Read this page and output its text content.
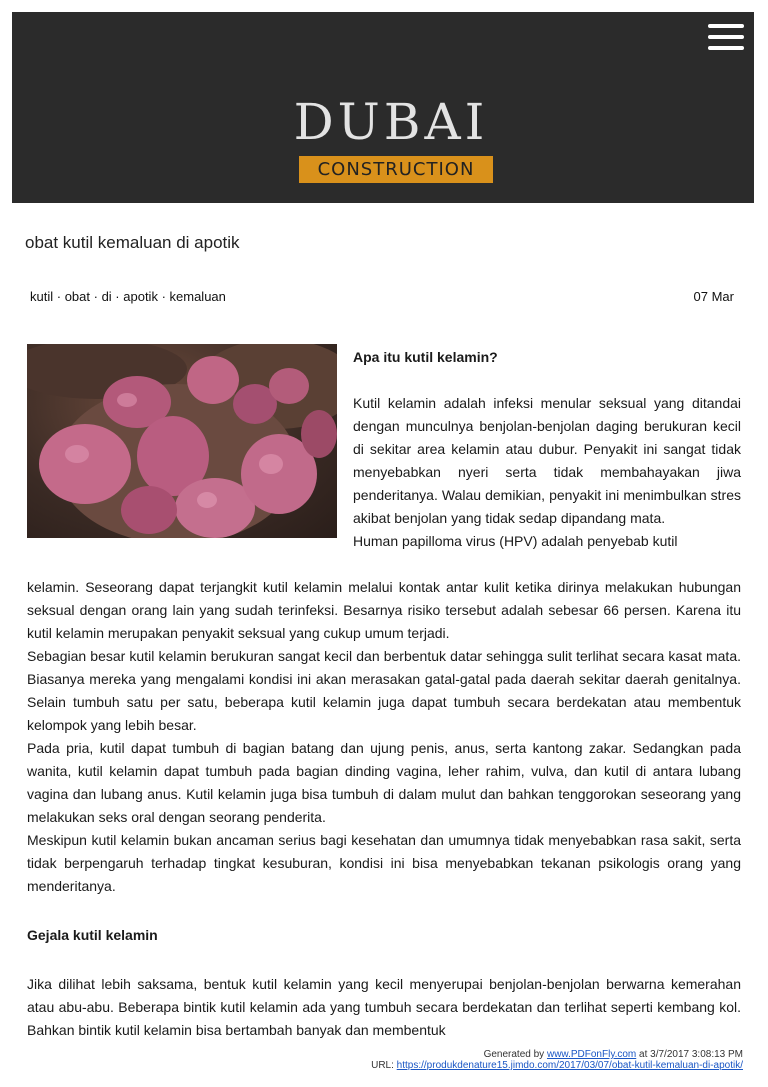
DUBAI
CONSTRUCTION
obat kutil kemaluan di apotik
kutil · obat · di · apotik · kemaluan	07 Mar

Apa itu kutil kelamin?

Kutil kelamin adalah infeksi menular seksual yang ditandai dengan munculnya benjolan-benjolan daging berukuran kecil di sekitar area kelamin atau dubur. Penyakit ini sangat tidak menyebabkan nyeri serta tidak membahayakan jiwa penderitanya. Walau demikian, penyakit ini menimbulkan stres akibat benjolan yang tidak sedap dipandang mata.

Human papilloma virus (HPV) adalah penyebab kutil

kelamin. Seseorang dapat terjangkit kutil kelamin melalui kontak antar kulit ketika dirinya melakukan hubungan seksual dengan orang lain yang sudah terinfeksi. Besarnya risiko tersebut adalah sebesar 66 persen. Karena itu kutil kelamin merupakan penyakit seksual yang cukup umum terjadi.

Sebagian besar kutil kelamin berukuran sangat kecil dan berbentuk datar sehingga sulit terlihat secara kasat mata. Biasanya mereka yang mengalami kondisi ini akan merasakan gatal-gatal pada daerah sekitar daerah genitalnya. Selain tumbuh satu per satu, beberapa kutil kelamin juga dapat tumbuh secara berdekatan atau membentuk kelompok yang lebih besar.

Pada pria, kutil dapat tumbuh di bagian batang dan ujung penis, anus, serta kantong zakar. Sedangkan pada wanita, kutil kelamin dapat tumbuh pada bagian dinding vagina, leher rahim, vulva, dan kutil di antara lubang vagina dan lubang anus. Kutil kelamin juga bisa tumbuh di dalam mulut dan bahkan tenggorokan seseorang yang melakukan seks oral dengan seorang penderita.

Meskipun kutil kelamin bukan ancaman serius bagi kesehatan dan umumnya tidak menyebabkan rasa sakit, serta tidak berpengaruh terhadap tingkat kesuburan, kondisi ini bisa menyebabkan tekanan psikologis orang yang menderitanya.

Gejala kutil kelamin

Jika dilihat lebih saksama, bentuk kutil kelamin yang kecil menyerupai benjolan-benjolan berwarna kemerahan atau abu-abu. Beberapa bintik kutil kelamin ada yang tumbuh secara berdekatan dan terlihat seperti kembang kol. Bahkan bintik kutil kelamin bisa bertambah banyak dan membentuk

Generated by www.PDFonFly.com at 3/7/2017 3:08:13 PM
URL: https://produkdenature15.jimdo.com/2017/03/07/obat-kutil-kemaluan-di-apotik/
